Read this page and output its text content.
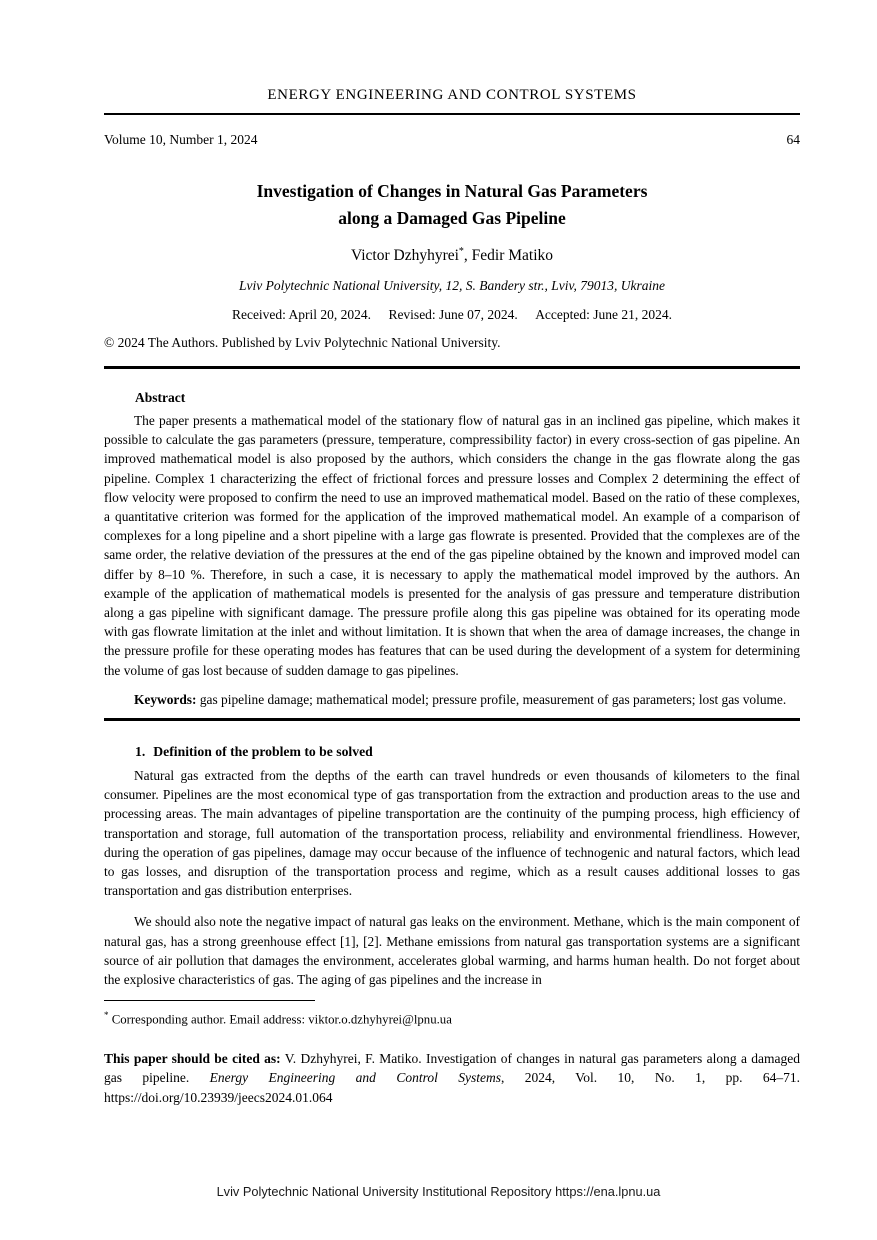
ENERGY ENGINEERING AND CONTROL SYSTEMS
Volume 10, Number 1, 2024	64
Investigation of Changes in Natural Gas Parameters
along a Damaged Gas Pipeline
Victor Dzhyhyrei*, Fedir Matiko
Lviv Polytechnic National University, 12, S. Bandery str., Lviv, 79013, Ukraine
Received: April 20, 2024. Revised: June 07, 2024. Accepted: June 21, 2024.
© 2024 The Authors. Published by Lviv Polytechnic National University.
Abstract
The paper presents a mathematical model of the stationary flow of natural gas in an inclined gas pipeline, which makes it possible to calculate the gas parameters (pressure, temperature, compressibility factor) in every cross-section of gas pipeline. An improved mathematical model is also proposed by the authors, which considers the change in the gas flowrate along the gas pipeline. Complex 1 characterizing the effect of frictional forces and pressure losses and Complex 2 determining the effect of flow velocity were proposed to confirm the need to use an improved mathematical model. Based on the ratio of these complexes, a quantitative criterion was formed for the application of the improved mathematical model. An example of a comparison of complexes for a long pipeline and a short pipeline with a large gas flowrate is presented. Provided that the complexes are of the same order, the relative deviation of the pressures at the end of the gas pipeline obtained by the known and improved model can differ by 8–10 %. Therefore, in such a case, it is necessary to apply the mathematical model improved by the authors. An example of the application of mathematical models is presented for the analysis of gas pressure and temperature distribution along a gas pipeline with significant damage. The pressure profile along this gas pipeline was obtained for its operating mode with gas flowrate limitation at the inlet and without limitation. It is shown that when the area of damage increases, the change in the pressure profile for these operating modes has features that can be used during the development of a system for determining the volume of gas lost because of sudden damage to gas pipelines.
Keywords: gas pipeline damage; mathematical model; pressure profile, measurement of gas parameters; lost gas volume.
1. Definition of the problem to be solved
Natural gas extracted from the depths of the earth can travel hundreds or even thousands of kilometers to the final consumer. Pipelines are the most economical type of gas transportation from the extraction and production areas to the use and processing areas. The main advantages of pipeline transportation are the continuity of the pumping process, high efficiency of transportation and storage, full automation of the transportation process, reliability and environmental friendliness. However, during the operation of gas pipelines, damage may occur because of the influence of technogenic and natural factors, which lead to gas losses, and disruption of the transportation process and regime, which as a result causes additional losses to gas transportation and gas distribution enterprises.
We should also note the negative impact of natural gas leaks on the environment. Methane, which is the main component of natural gas, has a strong greenhouse effect [1], [2]. Methane emissions from natural gas transportation systems are a significant source of air pollution that damages the environment, accelerates global warming, and harms human health. Do not forget about the explosive characteristics of gas. The aging of gas pipelines and the increase in
* Corresponding author. Email address: viktor.o.dzhyhyrei@lpnu.ua
This paper should be cited as: V. Dzhyhyrei, F. Matiko. Investigation of changes in natural gas parameters along a damaged gas pipeline. Energy Engineering and Control Systems, 2024, Vol. 10, No. 1, pp. 64–71. https://doi.org/10.23939/jeecs2024.01.064
Lviv Polytechnic National University Institutional Repository https://ena.lpnu.ua
